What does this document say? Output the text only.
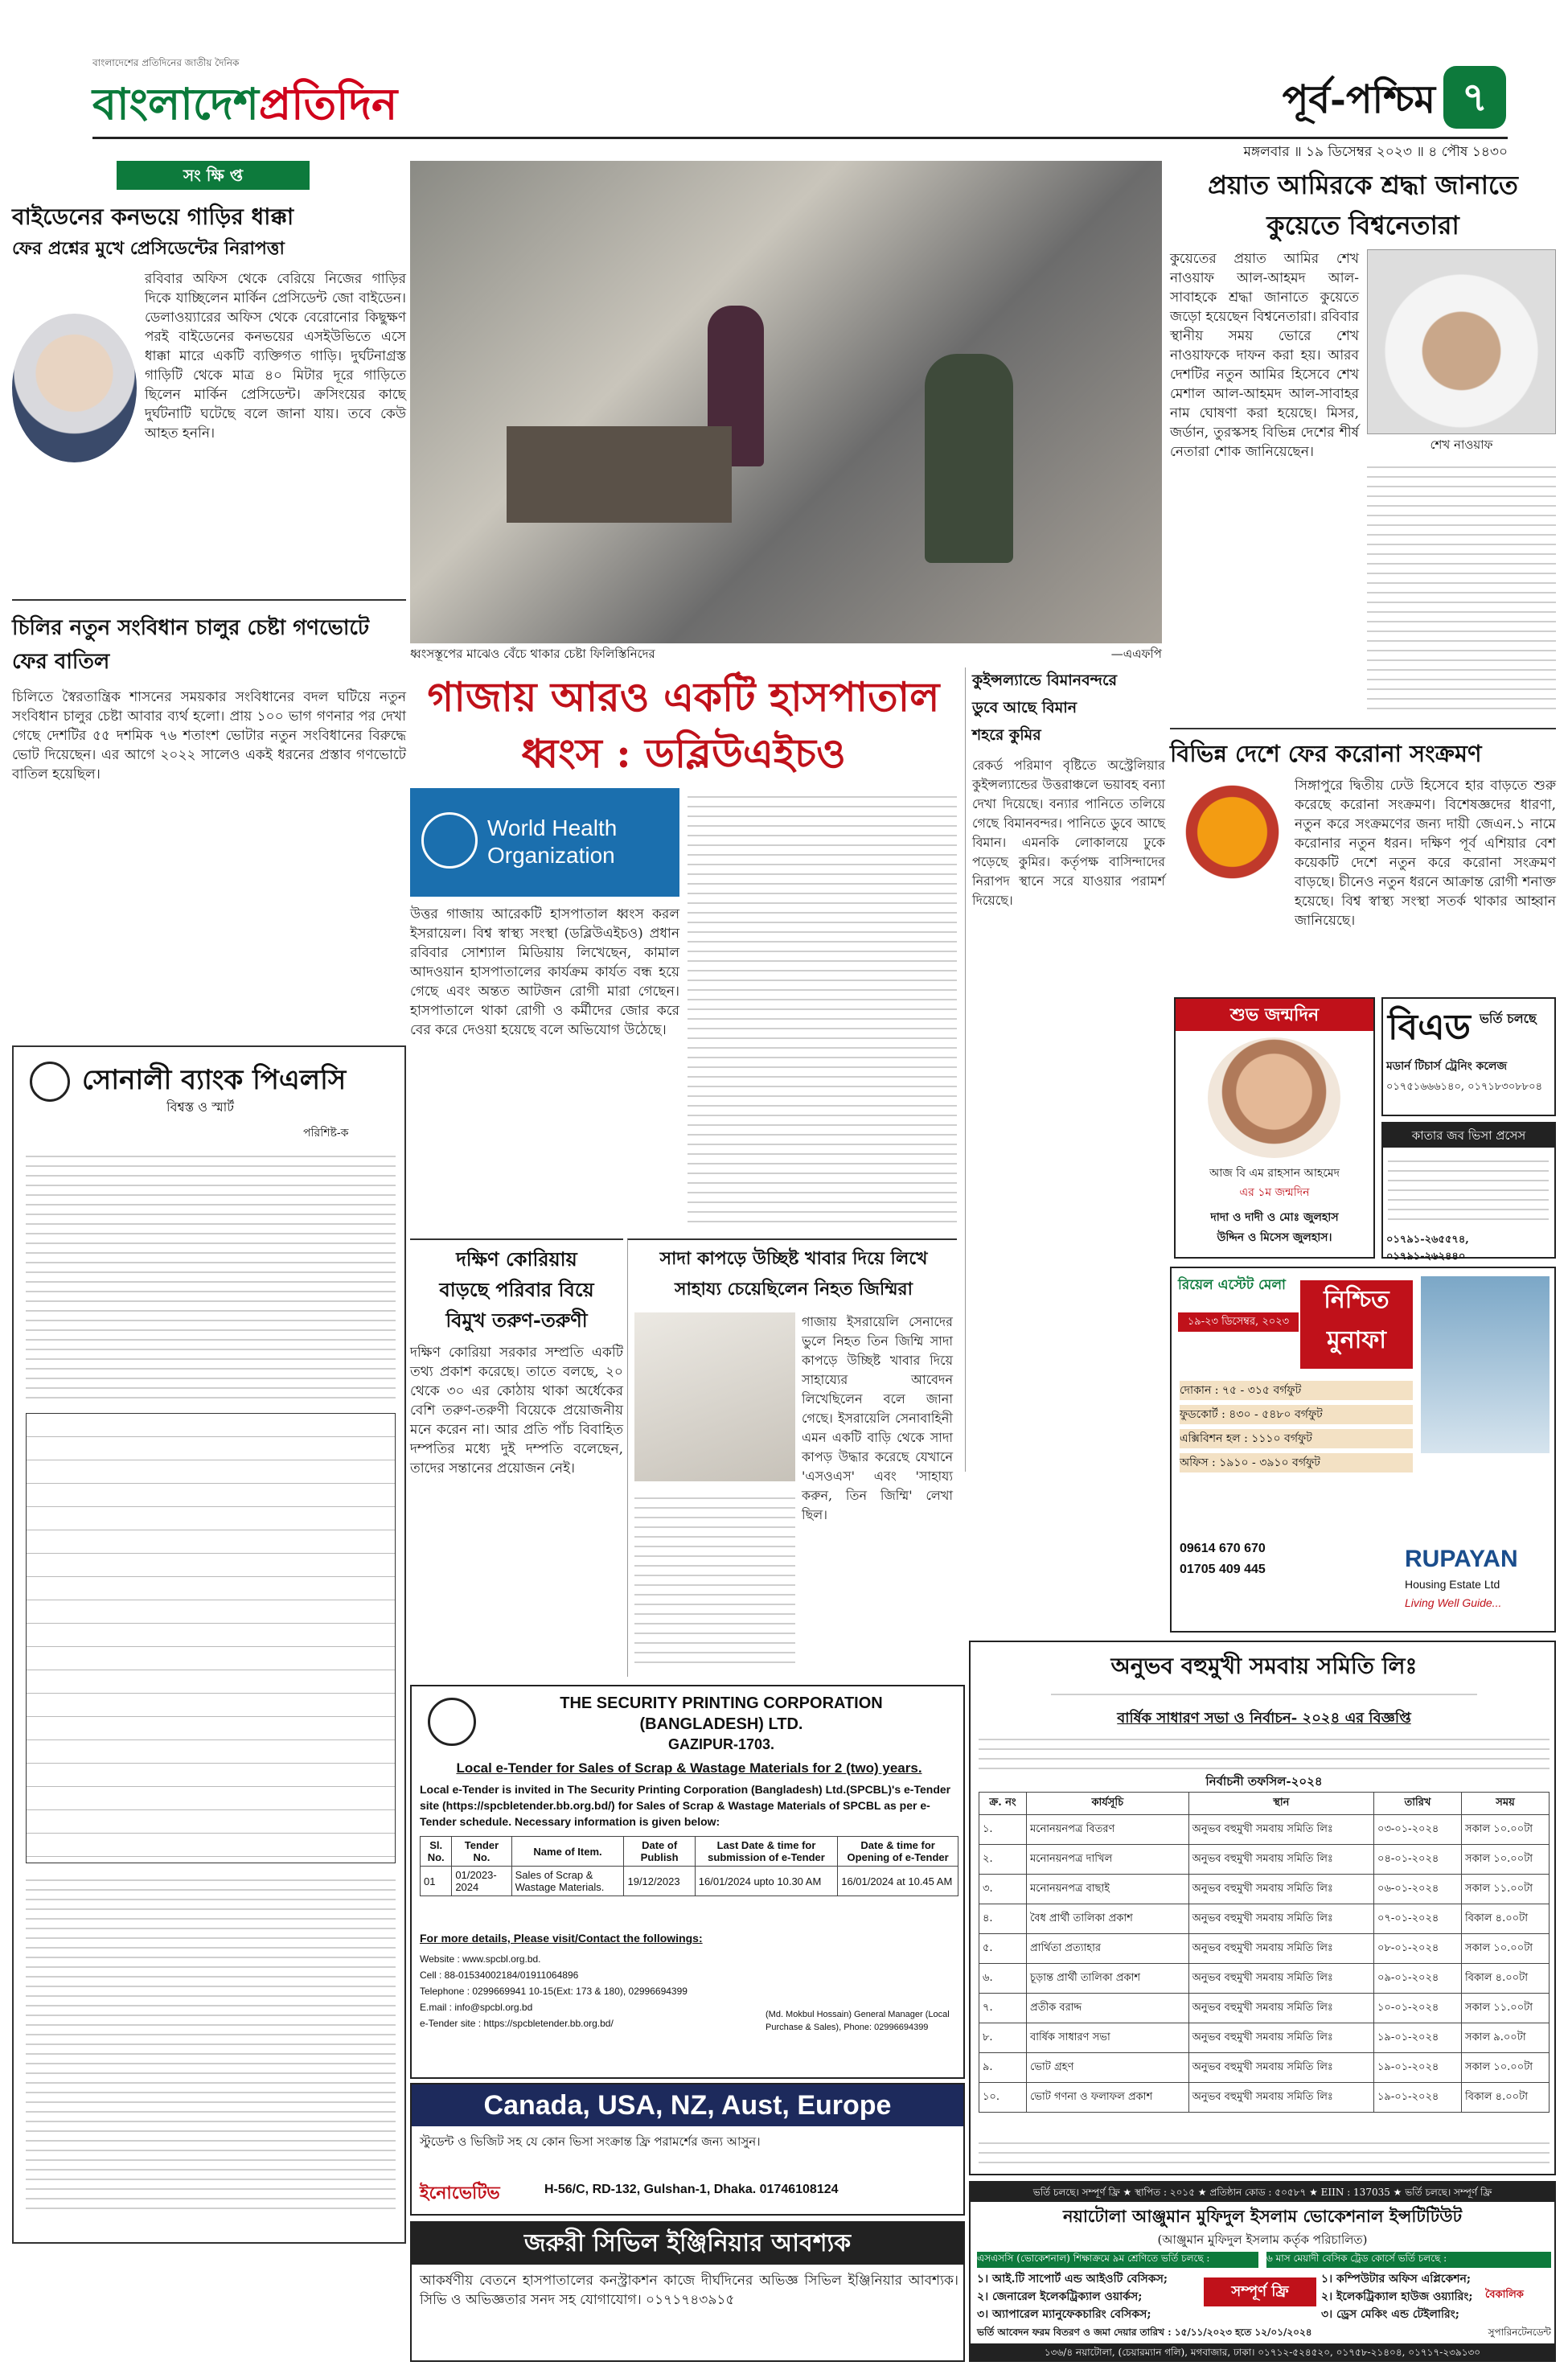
বাংলাদেশের প্রতিদিনের জাতীয় দৈনিক
বাংলাদেশপ্রতিদিন	পূর্ব-পশ্চিম ৭
মঙ্গলবার ॥ ১৯ ডিসেম্বর ২০২৩ ॥ ৪ পৌষ ১৪৩০
সং ক্ষি প্ত
বাইডেনের কনভয়ে গাড়ির ধাক্কা
ফের প্রশ্নের মুখে প্রেসিডেন্টের নিরাপত্তা
রবিবার অফিস থেকে বেরিয়ে নিজের গাড়ির দিকে যাচ্ছিলেন মার্কিন প্রেসিডেন্ট জো বাইডেন। ডেলাওয়্যারের অফিস থেকে বেরোনোর কিছুক্ষণ পরই বাইডেনের কনভয়ের এসইউভিতে এসে ধাক্কা মারে একটি ব্যক্তিগত গাড়ি। দুর্ঘটনাগ্রস্ত গাড়িটি থেকে মাত্র ৪০ মিটার দূরে গাড়িতে ছিলেন মার্কিন প্রেসিডেন্ট। ক্রসিংয়ের কাছে দুর্ঘটনাটি ঘটেছে বলে জানা যায়। তবে কেউ আহত হননি।
চিলির নতুন সংবিধান চালুর চেষ্টা গণভোটে ফের বাতিল
চিলিতে স্বৈরতান্ত্রিক শাসনের সময়কার সংবিধানের বদল ঘটিয়ে নতুন সংবিধান চালুর চেষ্টা আবার ব্যর্থ হলো। প্রায় ১০০ ভাগ গণনার পর দেখা গেছে দেশটির ৫৫ দশমিক ৭৬ শতাংশ ভোটার নতুন সংবিধানের বিরুদ্ধে ভোট দিয়েছেন। এর আগে ২০২২ সালেও একই ধরনের প্রস্তাব গণভোটে বাতিল হয়েছিল।
সোনালী ব্যাংক পিএলসি
বিশ্বস্ত ও স্মার্ট
পরিশিষ্ট-ক
ধ্বংসস্তূপের মাঝেও বেঁচে থাকার চেষ্টা ফিলিস্তিনিদের	—এএফপি
প্রয়াত আমিরকে শ্রদ্ধা জানাতে
কুয়েতে বিশ্বনেতারা
কুয়েতের প্রয়াত আমির শেখ নাওয়াফ আল-আহমদ আল-সাবাহকে শ্রদ্ধা জানাতে কুয়েতে জড়ো হয়েছেন বিশ্বনেতারা। রবিবার স্থানীয় সময় ভোরে শেখ নাওয়াফকে দাফন করা হয়। আরব দেশটির নতুন আমির হিসেবে শেখ মেশাল আল-আহমদ আল-সাবাহর নাম ঘোষণা করা হয়েছে। মিসর, জর্ডান, তুরস্কসহ বিভিন্ন দেশের শীর্ষ নেতারা শোক জানিয়েছেন।	শেখ নাওয়াফ
বিভিন্ন দেশে ফের করোনা সংক্রমণ
সিঙ্গাপুরে দ্বিতীয় ঢেউ হিসেবে হার বাড়তে শুরু করেছে করোনা সংক্রমণ। বিশেষজ্ঞদের ধারণা, নতুন করে সংক্রমণের জন্য দায়ী জেএন.১ নামে করোনার নতুন ধরন। দক্ষিণ পূর্ব এশিয়ার বেশ কয়েকটি দেশে নতুন করে করোনা সংক্রমণ বাড়ছে। চীনেও নতুন ধরনে আক্রান্ত রোগী শনাক্ত হয়েছে। বিশ্ব স্বাস্থ্য সংস্থা সতর্ক থাকার আহ্বান জানিয়েছে।
গাজায় আরও একটি হাসপাতাল
ধ্বংস : ডব্লিউএইচও
World Health
Organization
উত্তর গাজায় আরেকটি হাসপাতাল ধ্বংস করল ইসরায়েল। বিশ্ব স্বাস্থ্য সংস্থা (ডব্লিউএইচও) প্রধান রবিবার সোশ্যাল মিডিয়ায় লিখেছেন, কামাল আদওয়ান হাসপাতালের কার্যক্রম কার্যত বন্ধ হয়ে গেছে এবং অন্তত আটজন রোগী মারা গেছেন। হাসপাতালে থাকা রোগী ও কর্মীদের জোর করে বের করে দেওয়া হয়েছে বলে অভিযোগ উঠেছে।
কুইন্সল্যান্ডে বিমানবন্দরে
ডুবে আছে বিমান
শহরে কুমির
রেকর্ড পরিমাণ বৃষ্টিতে অস্ট্রেলিয়ার কুইন্সল্যান্ডের উত্তরাঞ্চলে ভয়াবহ বন্যা দেখা দিয়েছে। বন্যার পানিতে তলিয়ে গেছে বিমানবন্দর। পানিতে ডুবে আছে বিমান। এমনকি লোকালয়ে ঢুকে পড়েছে কুমির। কর্তৃপক্ষ বাসিন্দাদের নিরাপদ স্থানে সরে যাওয়ার পরামর্শ দিয়েছে।
শুভ জন্মদিন
আজ বি এম রাহসান আহমেদ
এর ১ম জন্মদিন
দাদা ও দাদী ও মোঃ জুলহাস
উদ্দিন ও মিসেস জুলহাস।
বিএড ভর্তি চলছে
মডার্ন টিচার্স ট্রেনিং কলেজ
০১৭৫১৬৬৬১৪০, ০১৭১৮৩০৮৮০৪
কাতার জব ভিসা প্রসেস
০১৭৯১-২৬৫৫৭৪, ০১৭৯১-২৬২৪৪০
রিয়েল এস্টেট মেলা
১৯-২৩ ডিসেম্বর, ২০২৩
নিশ্চিত মুনাফা
দোকান : ৭৫ - ৩১৫ বর্গফুট
ফুডকোর্ট : ৪৩০ - ৫৪৮০ বর্গফুট
এক্সিবিশন হল : ১১১০ বর্গফুট
অফিস : ১৯১০ - ৩৯১০ বর্গফুট
09614 670 670
01705 409 445	RUPAYAN
Housing Estate Ltd
Living Well Guide...
দক্ষিণ কোরিয়ায়
বাড়ছে পরিবার বিয়ে
বিমুখ তরুণ-তরুণী
দক্ষিণ কোরিয়া সরকার সম্প্রতি একটি তথ্য প্রকাশ করেছে। তাতে বলছে, ২০ থেকে ৩০ এর কোঠায় থাকা অর্ধেকের বেশি তরুণ-তরুণী বিয়েকে প্রয়োজনীয় মনে করেন না। আর প্রতি পাঁচ বিবাহিত দম্পতির মধ্যে দুই দম্পতি বলেছেন, তাদের সন্তানের প্রয়োজন নেই।
সাদা কাপড়ে উচ্ছিষ্ট খাবার দিয়ে লিখে
সাহায্য চেয়েছিলেন নিহত জিম্মিরা
গাজায় ইসরায়েলি সেনাদের ভুলে নিহত তিন জিম্মি সাদা কাপড়ে উচ্ছিষ্ট খাবার দিয়ে সাহায্যের আবেদন লিখেছিলেন বলে জানা গেছে। ইসরায়েলি সেনাবাহিনী এমন একটি বাড়ি থেকে সাদা কাপড় উদ্ধার করেছে যেখানে 'এসওএস' এবং 'সাহায্য করুন, তিন জিম্মি' লেখা ছিল।
অনুভব বহুমুখী সমবায় সমিতি লিঃ
বার্ষিক সাধারণ সভা ও নির্বাচন- ২০২৪ এর বিজ্ঞপ্তি
নির্বাচনী তফসিল-২০২৪
ক্র. নং	কার্যসূচি	স্থান	তারিখ	সময়
১.	মনোনয়নপত্র বিতরণ	অনুভব বহুমুখী সমবায় সমিতি লিঃ	০৩-০১-২০২৪	সকাল ১০.০০টা
২.	মনোনয়নপত্র দাখিল	অনুভব বহুমুখী সমবায় সমিতি লিঃ	০৪-০১-২০২৪	সকাল ১০.০০টা
৩.	মনোনয়নপত্র বাছাই	অনুভব বহুমুখী সমবায় সমিতি লিঃ	০৬-০১-২০২৪	সকাল ১১.০০টা
৪.	বৈধ প্রার্থী তালিকা প্রকাশ	অনুভব বহুমুখী সমবায় সমিতি লিঃ	০৭-০১-২০২৪	বিকাল ৪.০০টা
৫.	প্রার্থিতা প্রত্যাহার	অনুভব বহুমুখী সমবায় সমিতি লিঃ	০৮-০১-২০২৪	সকাল ১০.০০টা
৬.	চূড়ান্ত প্রার্থী তালিকা প্রকাশ	অনুভব বহুমুখী সমবায় সমিতি লিঃ	০৯-০১-২০২৪	বিকাল ৪.০০টা
৭.	প্রতীক বরাদ্দ	অনুভব বহুমুখী সমবায় সমিতি লিঃ	১০-০১-২০২৪	সকাল ১১.০০টা
৮.	বার্ষিক সাধারণ সভা	অনুভব বহুমুখী সমবায় সমিতি লিঃ	১৯-০১-২০২৪	সকাল ৯.০০টা
৯.	ভোট গ্রহণ	অনুভব বহুমুখী সমবায় সমিতি লিঃ	১৯-০১-২০২৪	সকাল ১০.০০টা
১০.	ভোট গণনা ও ফলাফল প্রকাশ	অনুভব বহুমুখী সমবায় সমিতি লিঃ	১৯-০১-২০২৪	বিকাল ৪.০০টা
THE SECURITY PRINTING CORPORATION
(BANGLADESH) LTD.
GAZIPUR-1703.
Local e-Tender for Sales of Scrap & Wastage Materials for 2 (two) years.
Local e-Tender is invited in The Security Printing Corporation (Bangladesh) Ltd.(SPCBL)'s e-Tender site (https://spcbletender.bb.org.bd/) for Sales of Scrap & Wastage Materials of SPCBL as per e-Tender schedule. Necessary information is given below:
Sl. No.	Tender No.	Name of Item.	Date of Publish	Last Date & time for submission of e-Tender	Date & time for Opening of e-Tender
01	01/2023-2024	Sales of Scrap & Wastage Materials.	19/12/2023	16/01/2024 upto 10.30 AM	16/01/2024 at 10.45 AM
For more details, Please visit/Contact the followings:
Website : www.spcbl.org.bd.
Cell : 88-01534002184/01911064896
Telephone : 0299669941 10-15(Ext: 173 & 180), 02996694399
E.mail : info@spcbl.org.bd
e-Tender site : https://spcbletender.bb.org.bd/
(Md. Mokbul Hossain) General Manager (Local Purchase & Sales), Phone: 02996694399
Canada, USA, NZ, Aust, Europe
স্টুডেন্ট ও ভিজিট সহ যে কোন ভিসা সংক্রান্ত ফ্রি পরামর্শের জন্য আসুন।
ইনোভেটিভ	H-56/C, RD-132, Gulshan-1, Dhaka. 01746108124
জরুরী সিভিল ইঞ্জিনিয়ার আবশ্যক
আকর্ষণীয় বেতনে হাসপাতালের কনস্ট্রাকশন কাজে দীর্ঘদিনের অভিজ্ঞ সিভিল ইঞ্জিনিয়ার আবশ্যক। সিভি ও অভিজ্ঞতার সনদ সহ যোগাযোগ। ০১৭১৭৪৩৯১৫
ভর্তি চলছে। সম্পূর্ণ ফ্রি ★ স্থাপিত : ২০১৫ ★ প্রতিষ্ঠান কোড : ৫০৫৮৭ ★ EIIN : 137035 ★ ভর্তি চলছে। সম্পূর্ণ ফ্রি
নয়াটোলা আঞ্জুমান মুফিদুল ইসলাম ভোকেশনাল ইন্সটিটিউট
(আঞ্জুমান মুফিদুল ইসলাম কর্তৃক পরিচালিত)
এসএসসি (ভোকেশনাল) শিক্ষাক্রমে ৯ম শ্রেণিতে ভর্তি চলছে :
১। আই.টি সাপোর্ট এন্ড আইওটি বেসিকস;
২। জেনারেল ইলেকট্রিক্যাল ওয়ার্কস;
৩। অ্যাপারেল ম্যানুফেকচারিং বেসিকস;
সম্পূর্ণ ফ্রি
৬ মাস মেয়াদী বেসিক ট্রেড কোর্সে ভর্তি চলছে :
১। কম্পিউটার অফিস এপ্লিকেশন;
২। ইলেকট্রিক্যাল হাউজ ওয়্যারিং;
৩। ড্রেস মেকিং এন্ড টেইলারিং;
বৈকালিক
ভর্তি আবেদন ফরম বিতরণ ও জমা দেয়ার তারিখ : ১৫/১১/২০২৩ হতে ১২/০১/২০২৪	সুপারিনটেনডেন্ট
১৩৬/৪ নয়াটোলা, (চেয়ারম্যান গলি), মগবাজার, ঢাকা। ০১৭১২-৫২৪৫২০, ০১৭৫৮-২১৪০৪, ০১৭১৭-২৩৯১৩০
